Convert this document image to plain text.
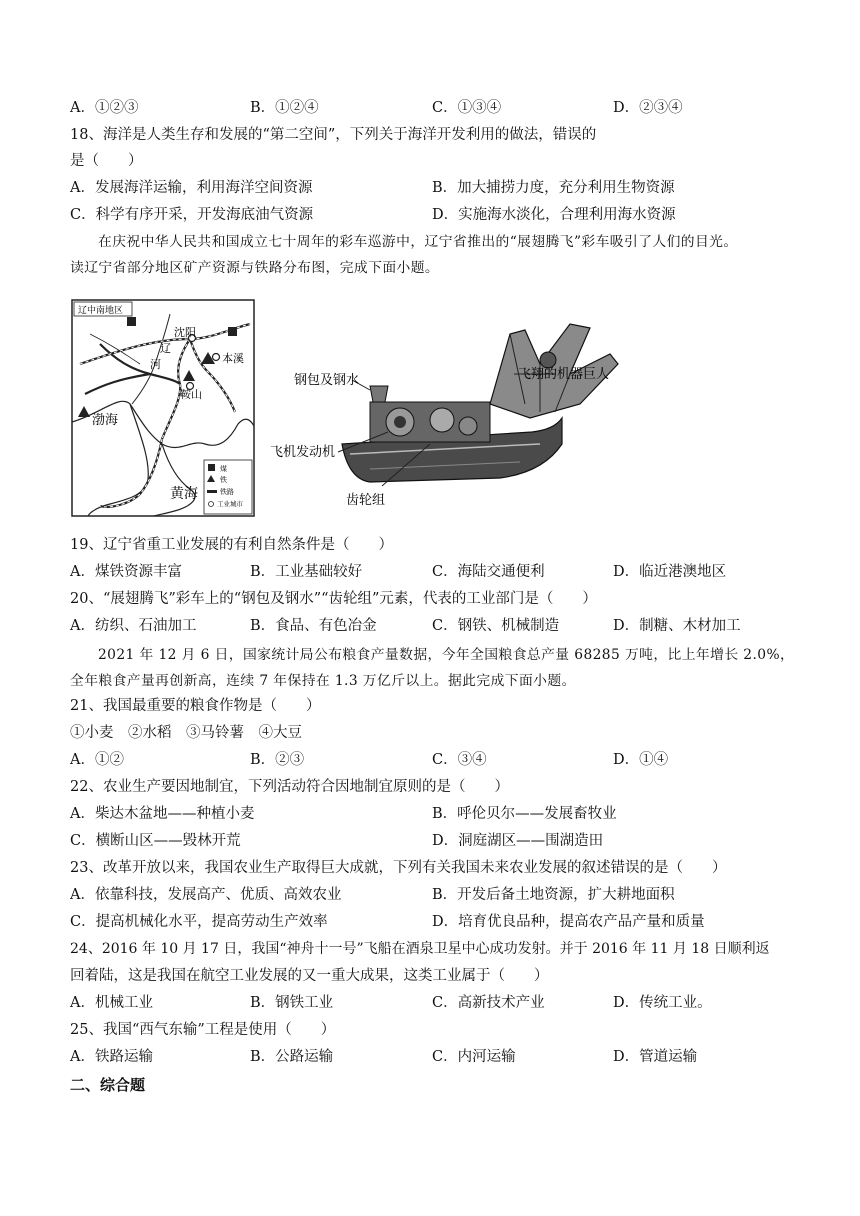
A．①②③	B．①②④	C．①③④	D．②③④
18、海洋是人类生存和发展的“第二空间”，下列关于海洋开发利用的做法，错误的
是（　　）
A．发展海洋运输，利用海洋空间资源	B．加大捕捞力度，充分利用生物资源
C．科学有序开采，开发海底油气资源	D．实施海水淡化，合理利用海水资源

在庆祝中华人民共和国成立七十周年的彩车巡游中，辽宁省推出的“展翅腾飞”彩车吸引了人们的目光。

读辽宁省部分地区矿产资源与铁路分布图，完成下面小题。

辽中南地区
沈阳
辽
河	本溪
鞍山
渤海
黄海
煤
铁
铁路
工业城市
钢包及钢水	飞翔的机器巨人
飞机发动机
齿轮组
19、辽宁省重工业发展的有利自然条件是（　　）
A．煤铁资源丰富	B．工业基础较好	C．海陆交通便利	D．临近港澳地区
20、“展翅腾飞”彩车上的“钢包及钢水”“齿轮组”元素，代表的工业部门是（　　）
A．纺织、石油加工	B．食品、有色冶金	C．钢铁、机械制造	D．制糖、木材加工

2021 年 12 月 6 日，国家统计局公布粮食产量数据，今年全国粮食总产量 68285 万吨，比上年增长 2.0%，

全年粮食产量再创新高，连续 7 年保持在 1.3 万亿斤以上。据此完成下面小题。

21、我国最重要的粮食作物是（　　）
①小麦　②水稻　③马铃薯　④大豆
A．①②	B．②③	C．③④	D．①④
22、农业生产要因地制宜，下列活动符合因地制宜原则的是（　　）
A．柴达木盆地——种植小麦	B．呼伦贝尔——发展畜牧业
C．横断山区——毁林开荒	D．洞庭湖区——围湖造田
23、改革开放以来，我国农业生产取得巨大成就，下列有关我国未来农业发展的叙述错误的是（　　）
A．依靠科技，发展高产、优质、高效农业	B．开发后备土地资源，扩大耕地面积
C．提高机械化水平，提高劳动生产效率	D．培育优良品种，提高农产品产量和质量
24、2016 年 10 月 17 日，我国“神舟十一号”飞船在酒泉卫星中心成功发射。并于 2016 年 11 月 18 日顺利返
回着陆，这是我国在航空工业发展的又一重大成果，这类工业属于（　　）
A．机械工业	B．钢铁工业	C．高新技术产业	D．传统工业。
25、我国“西气东输”工程是使用（　　）
A．铁路运输	B．公路运输	C．内河运输	D．管道运输
二、综合题
